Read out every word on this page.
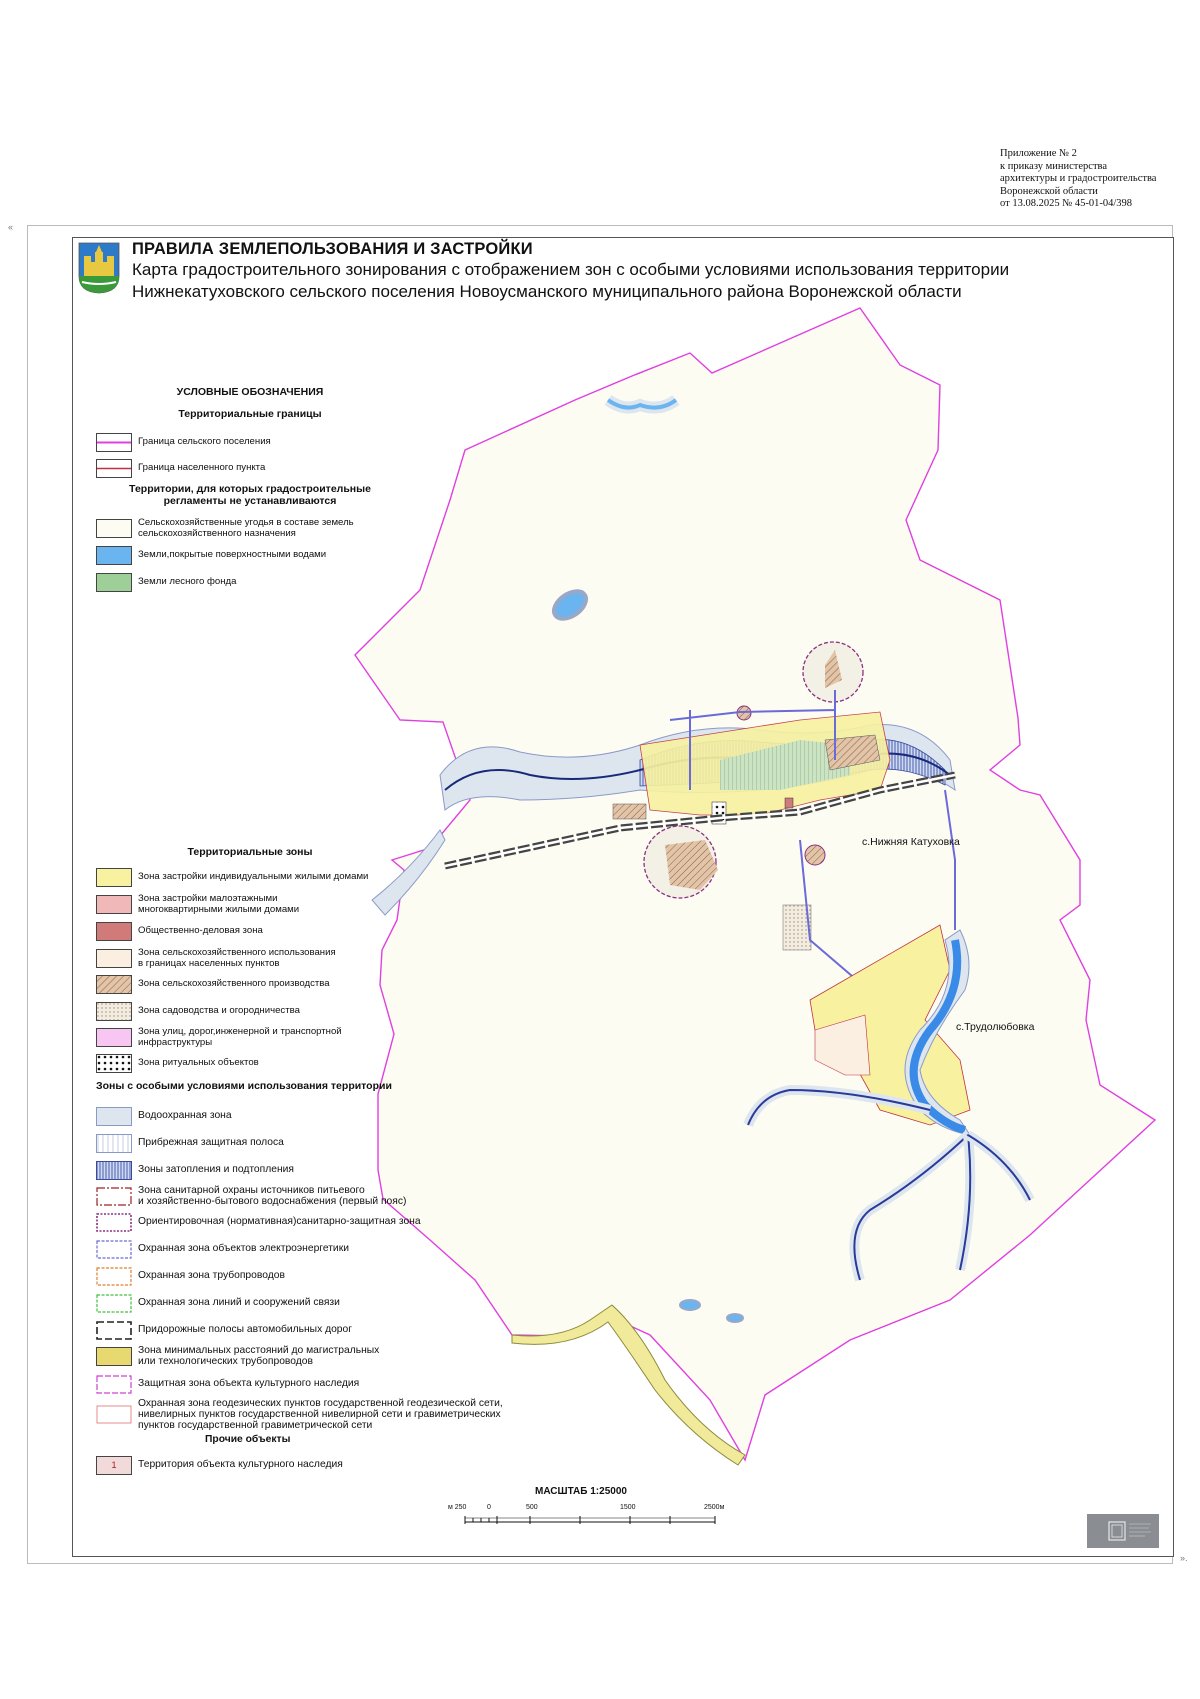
Приложение № 2
к приказу министерства
архитектуры и градостроительства
Воронежской области
от 13.08.2025 № 45-01-04/398
«
».
ПРАВИЛА ЗЕМЛЕПОЛЬЗОВАНИЯ И ЗАСТРОЙКИ
Карта градостроительного зонирования с отображением зон с особыми условиями использования территории
Нижнекатуховского сельского поселения Новоусманского муниципального района Воронежской области
с.Нижняя Катуховка
с.Трудолюбовка
УСЛОВНЫЕ ОБОЗНАЧЕНИЯ
Территориальные границы
Граница сельского поселения
Граница населенного пункта
Территории, для которых градостроительные регламенты не устанавливаются
Сельскохозяйственные угодья в составе земель
сельскохозяйственного назначения
Земли,покрытые поверхностными водами
Земли лесного фонда
Территориальные зоны
Зона застройки индивидуальными жилыми домами
Зона застройки малоэтажными
многоквартирными жилыми домами
Общественно-деловая зона
Зона сельскохозяйственного использования
в границах населенных пунктов
Зона сельскохозяйственного производства
Зона садоводства и огородничества
Зона улиц, дорог,инженерной и транспортной
инфраструктуры
Зона ритуальных объектов
Зоны с особыми условиями использования территории
Водоохранная зона
Прибрежная защитная полоса
Зоны затопления и подтопления
Зона санитарной охраны источников питьевого
и хозяйственно-бытового водоснабжения (первый пояс)
Ориентировочная (нормативная)санитарно-защитная зона
Охранная зона объектов электроэнергетики
Охранная зона трубопроводов
Охранная зона линий и сооружений связи
Придорожные полосы автомобильных дорог
Зона минимальных расстояний до магистральных
или технологических трубопроводов
Защитная зона объекта культурного наследия
Охранная зона геодезических пунктов государственной геодезической сети,
нивелирных пунктов государственной нивелирной сети и гравиметрических
пунктов государственной гравиметрической сети
Прочие объекты
1	Территория объекта культурного наследия
МАСШТАБ 1:25000
м 250	0	500	1500	2500м
